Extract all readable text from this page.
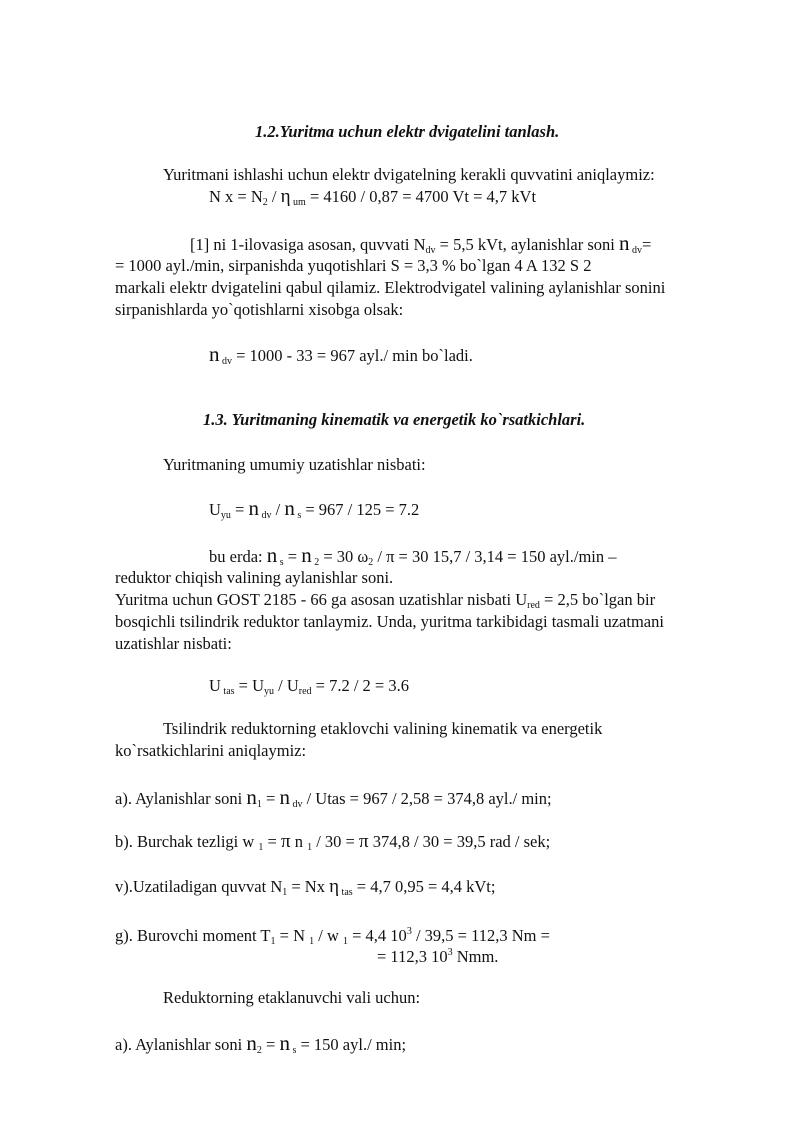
1.2.Yuritma uchun elektr dvigatelini tanlash.
Yuritmani ishlashi uchun elektr dvigatelning kerakli quvvatini aniqlaymiz:
N $x = N_2 / \eta$ $_{um}$ = 4160 / 0,87 = 4700 Vt = 4,7 kVt
[1] ni 1-ilovasiga asosan, quvvati $N_{dv} = 5,5$ kVt, aylanishlar soni n $_{dv}$=
= 1000 ayl./min, sirpanishda yuqotishlari S = 3,3 % bo`lgan 4 A 132 S 2
markali elektr dvigatelini qabul qilamiz. Elektrodvigatel valining aylanishlar sonini
sirpanishlarda yo`qotishlarni xisobga olsak:
n $_{dv}$ = 1000 - 33 = 967 ayl./ min bo`ladi.
1.3. Yuritmaning kinematik va energetik ko`rsatkichlari.
Yuritmaning umumiy uzatishlar nisbati:
$U_{yu} = n$ $_{dv}$ / n $_s$ = 967 / 125 = 7.2
bu erda: n $_s$ = n $_2$ = 30 $\omega_2 / \pi = 30$ 15,7 / 3,14 = 150 ayl./min –
reduktor chiqish valining aylanishlar soni.
Yuritma uchun GOST 2185 - 66 ga asosan uzatishlar nisbati $U_{red} = 2,5$ bo`lgan bir
bosqichli tsilindrik reduktor tanlaymiz. Unda, yuritma tarkibidagi tasmali uzatmani
uzatishlar nisbati:
U $_{tas} = U_{yu} / U_{red} = 7.2 / 2 = 3.6$
Tsilindrik reduktorning etaklovchi valining kinematik va energetik
ko`rsatkichlarini aniqlaymiz:
a). Aylanishlar soni $n_1 = n$ $_{dv}$ / Utas = 967 / 2,58 = 374,8 ayl./ min;
b). Burchak tezligi w $_1$ = π n $_1$ / 30 = π 374,8 / 30 = 39,5 rad / sek;
v).Uzatiladigan quvvat $N_1 = Nx$ η $_{tas}$ = 4,7 0,95 = 4,4 kVt;
g). Burovchi moment $T_1 = N$ $_1$ / w $_1$ = 4,4 $10^3 / 39,5 = 112,3$ Nm =
= 112,3 $10^3$ Nmm.
Reduktorning etaklanuvchi vali uchun:
a). Aylanishlar soni $n_2 = n$ $_s$ = 150 ayl./ min;
